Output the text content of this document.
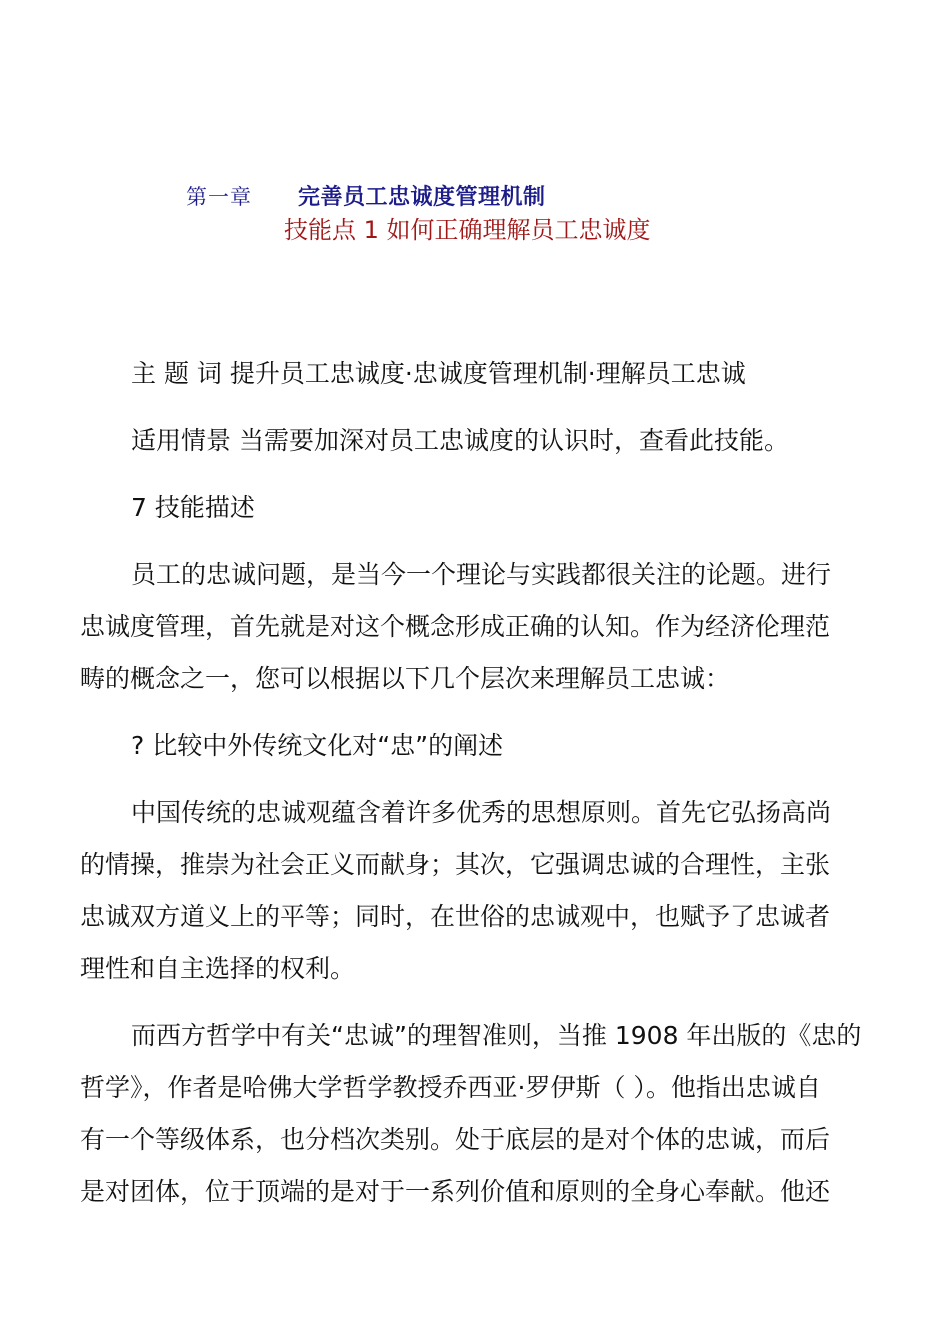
第一章 完善员工忠诚度管理机制
技能点 1 如何正确理解员工忠诚度
主 题 词 提升员工忠诚度·忠诚度管理机制·理解员工忠诚
适用情景 当需要加深对员工忠诚度的认识时，查看此技能。
7 技能描述
员工的忠诚问题，是当今一个理论与实践都很关注的论题。进行
忠诚度管理，首先就是对这个概念形成正确的认知。作为经济伦理范
畴的概念之一，您可以根据以下几个层次来理解员工忠诚：
? 比较中外传统文化对“忠”的阐述
中国传统的忠诚观蕴含着许多优秀的思想原则。首先它弘扬高尚
的情操，推崇为社会正义而献身；其次，它强调忠诚的合理性，主张
忠诚双方道义上的平等；同时，在世俗的忠诚观中，也赋予了忠诚者
理性和自主选择的权利。
而西方哲学中有关“忠诚”的理智准则，当推 1908 年出版的《忠的
哲学》，作者是哈佛大学哲学教授乔西亚·罗伊斯（ ）。他指出忠诚自
有一个等级体系，也分档次类别。处于底层的是对个体的忠诚，而后
是对团体，位于顶端的是对于一系列价值和原则的全身心奉献。他还
